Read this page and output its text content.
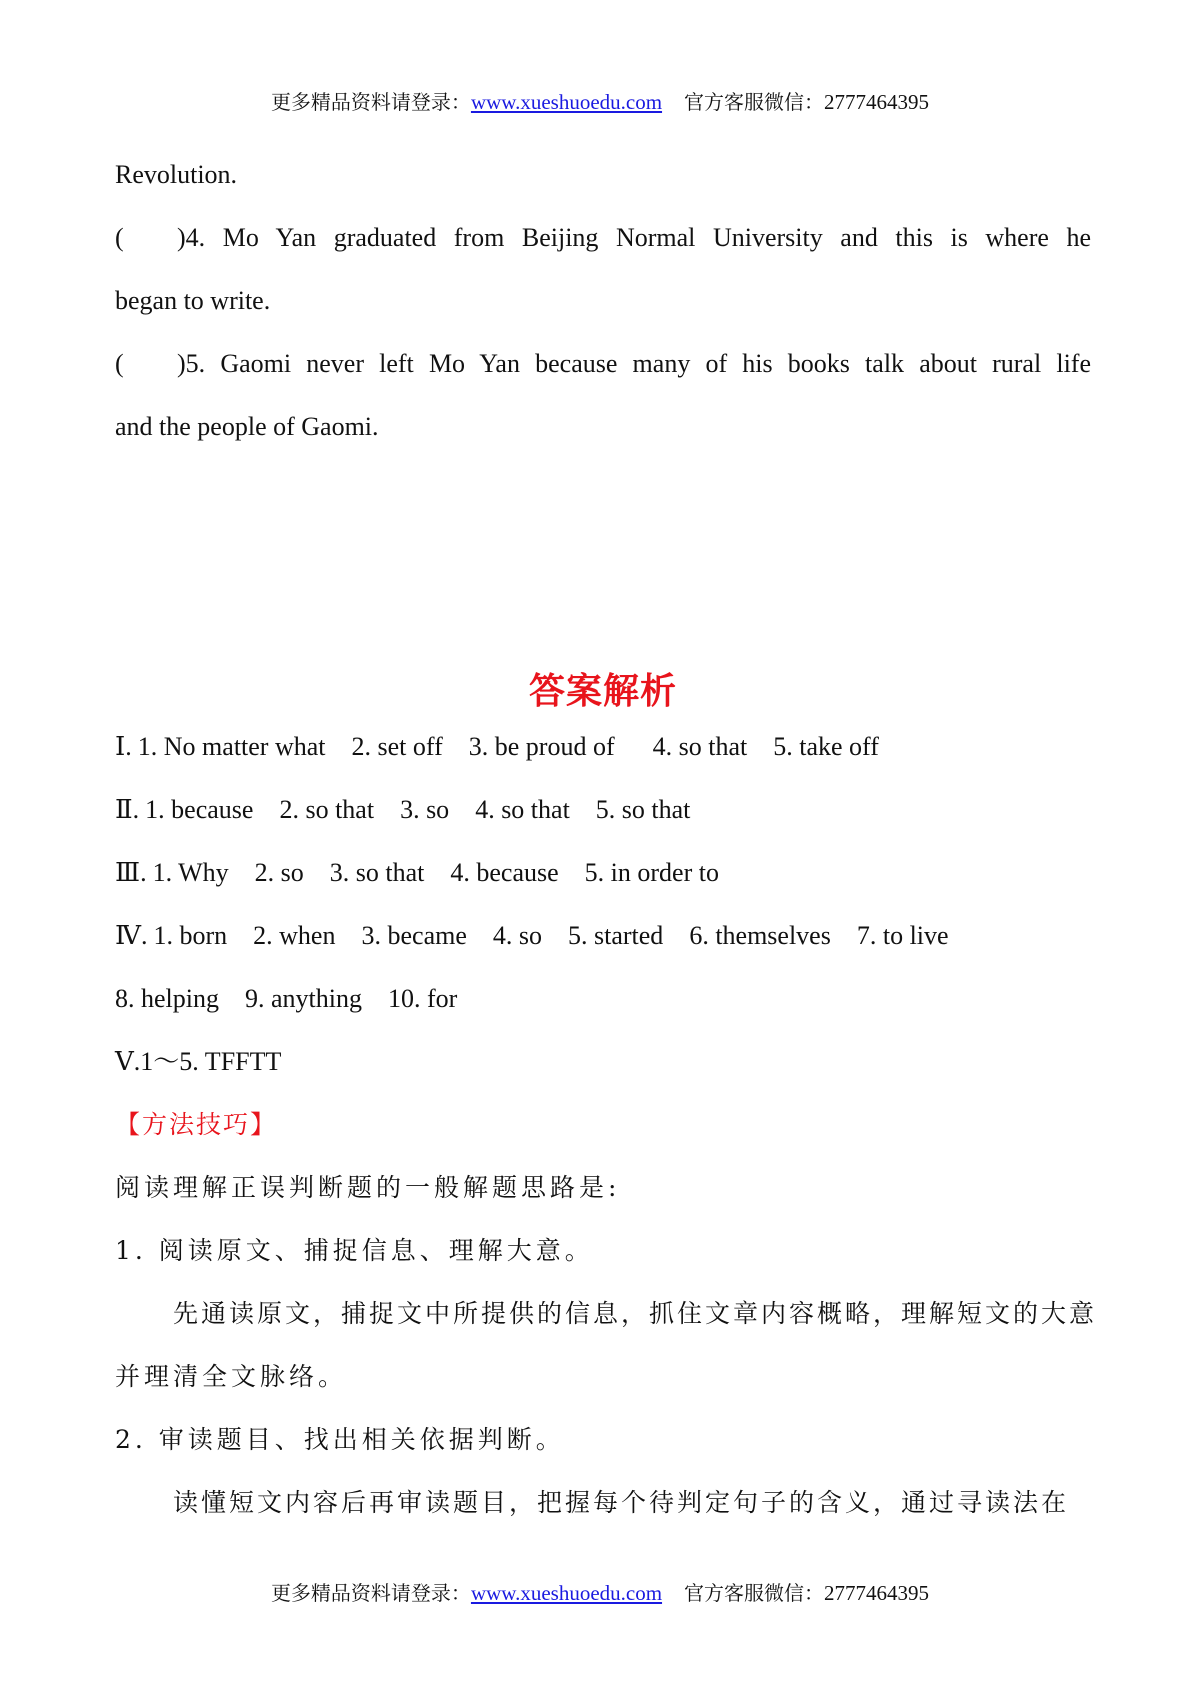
更多精品资料请登录：www.xueshuoedu.com 官方客服微信：2777464395
Revolution.
( )4. Mo Yan graduated from Beijing Normal University and this is where he
began to write.
( )5. Gaomi never left Mo Yan because many of his books talk about rural life
and the people of Gaomi.
答案解析
Ⅰ. 1. No matter what 2. set off 3. be proud of 4. so that 5. take off
Ⅱ. 1. because 2. so that 3. so 4. so that 5. so that
Ⅲ. 1. Why 2. so 3. so that 4. because 5. in order to
Ⅳ. 1. born 2. when 3. became 4. so 5. started 6. themselves 7. to live
8. helping 9. anything 10. for
Ⅴ.1～5. TFFTT
【方法技巧】
阅读理解正误判断题的一般解题思路是:
1. 阅读原文、捕捉信息、理解大意。
先通读原文，捕捉文中所提供的信息，抓住文章内容概略，理解短文的大意
并理清全文脉络。
2. 审读题目、找出相关依据判断。
读懂短文内容后再审读题目，把握每个待判定句子的含义，通过寻读法在
更多精品资料请登录：www.xueshuoedu.com 官方客服微信：2777464395
